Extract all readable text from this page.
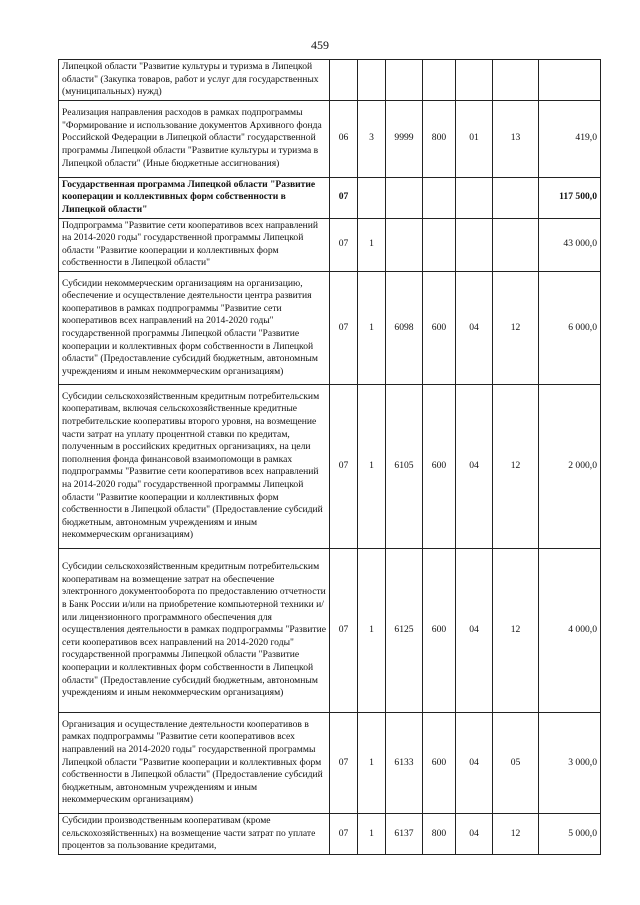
459
Липецкой области "Развитие культуры и туризма в Липецкой области" (Закупка товаров, работ и услуг для государственных (муниципальных) нужд)							
Реализация направления расходов в рамках подпрограммы "Формирование и использование документов Архивного фонда Российской Федерации в Липецкой области" государственной программы Липецкой области "Развитие культуры и туризма в Липецкой области" (Иные бюджетные ассигнования)	06	3	9999	800	01	13	419,0
Государственная программа Липецкой области "Развитие кооперации и коллективных форм собственности в Липецкой области"	07						117 500,0
Подпрограмма "Развитие сети кооперативов всех направлений на 2014-2020 годы" государственной программы Липецкой области "Развитие кооперации и коллективных форм собственности в Липецкой области"	07	1					43 000,0
Субсидии некоммерческим организациям на организацию, обеспечение и осуществление деятельности центра развития кооперативов в рамках подпрограммы "Развитие сети кооперативов всех направлений на 2014-2020 годы" государственной программы Липецкой области "Развитие кооперации и коллективных форм собственности в Липецкой области" (Предоставление субсидий бюджетным, автономным учреждениям и иным некоммерческим организациям)	07	1	6098	600	04	12	6 000,0
Субсидии сельскохозяйственным кредитным потребительским кооперативам, включая сельскохозяйственные кредитные потребительские кооперативы второго уровня, на возмещение части затрат на уплату процентной ставки по кредитам, полученным в российских кредитных организациях, на цели пополнения фонда финансовой взаимопомощи в рамках подпрограммы "Развитие сети кооперативов всех направлений на 2014-2020 годы" государственной программы Липецкой области "Развитие кооперации и коллективных форм собственности в Липецкой области" (Предоставление субсидий бюджетным, автономным учреждениям и иным некоммерческим организациям)	07	1	6105	600	04	12	2 000,0
Субсидии сельскохозяйственным кредитным потребительским кооперативам на возмещение затрат на обеспечение электронного документооборота по предоставлению отчетности в Банк России и/или на приобретение компьютерной техники и/или лицензионного программного обеспечения для осуществления деятельности в рамках подпрограммы "Развитие сети кооперативов всех направлений на 2014-2020 годы" государственной программы Липецкой области "Развитие кооперации и коллективных форм собственности в Липецкой области" (Предоставление субсидий бюджетным, автономным учреждениям и иным некоммерческим организациям)	07	1	6125	600	04	12	4 000,0
Организация и осуществление деятельности кооперативов в рамках подпрограммы "Развитие сети кооперативов всех направлений на 2014-2020 годы" государственной программы Липецкой области "Развитие кооперации и коллективных форм собственности в Липецкой области" (Предоставление субсидий бюджетным, автономным учреждениям и иным некоммерческим организациям)	07	1	6133	600	04	05	3 000,0
Субсидии производственным кооперативам (кроме сельскохозяйственных) на возмещение части затрат по уплате процентов за пользование кредитами,	07	1	6137	800	04	12	5 000,0
